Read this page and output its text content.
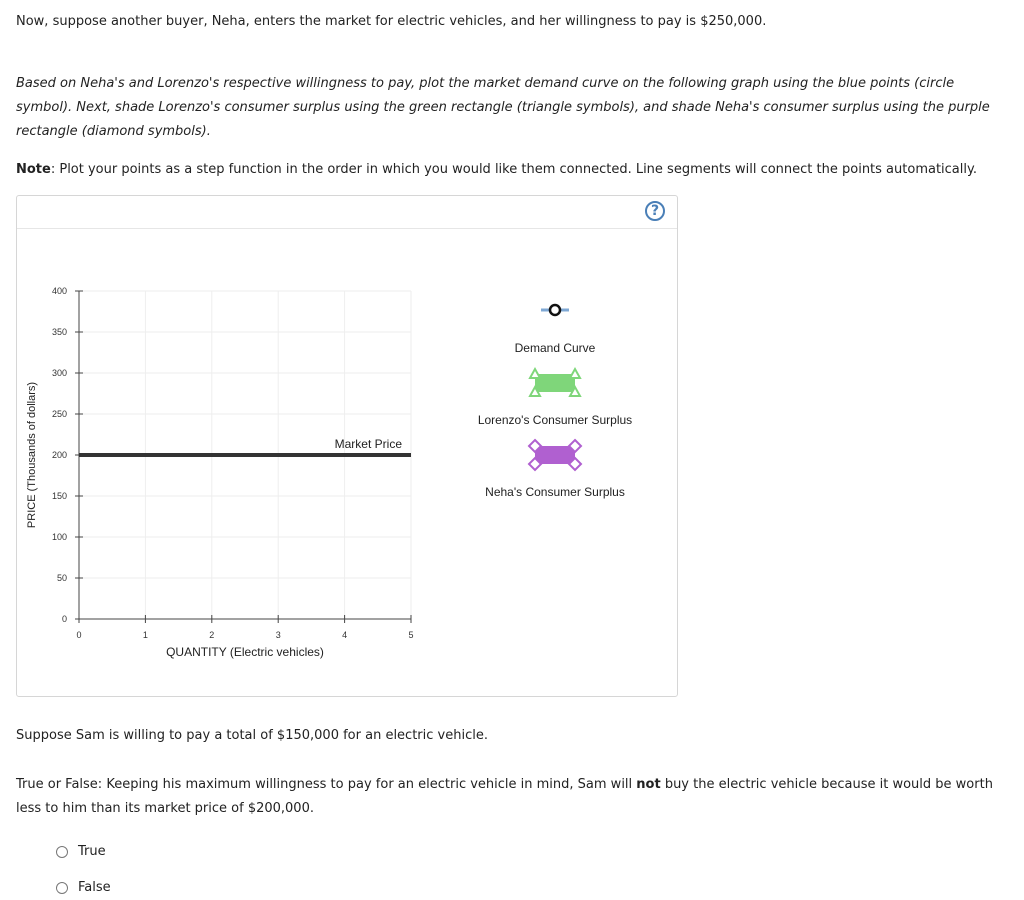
Now, suppose another buyer, Neha, enters the market for electric vehicles, and her willingness to pay is $250,000.
Based on Neha's and Lorenzo's respective willingness to pay, plot the market demand curve on the following graph using the blue points (circle symbol). Next, shade Lorenzo's consumer surplus using the green rectangle (triangle symbols), and shade Neha's consumer surplus using the purple rectangle (diamond symbols).
Note: Plot your points as a step function in the order in which you would like them connected. Line segments will connect the points automatically.
?
0
50
100
150
200
250
300
350
400
0	1	2	3	4	5
QUANTITY (Electric vehicles)
PRICE (Thousands of dollars)	Market Price
Demand Curve
Lorenzo's Consumer Surplus
Neha's Consumer Surplus
Suppose Sam is willing to pay a total of $150,000 for an electric vehicle.
True or False: Keeping his maximum willingness to pay for an electric vehicle in mind, Sam will not buy the electric vehicle because it would be worth less to him than its market price of $200,000.
True
False
